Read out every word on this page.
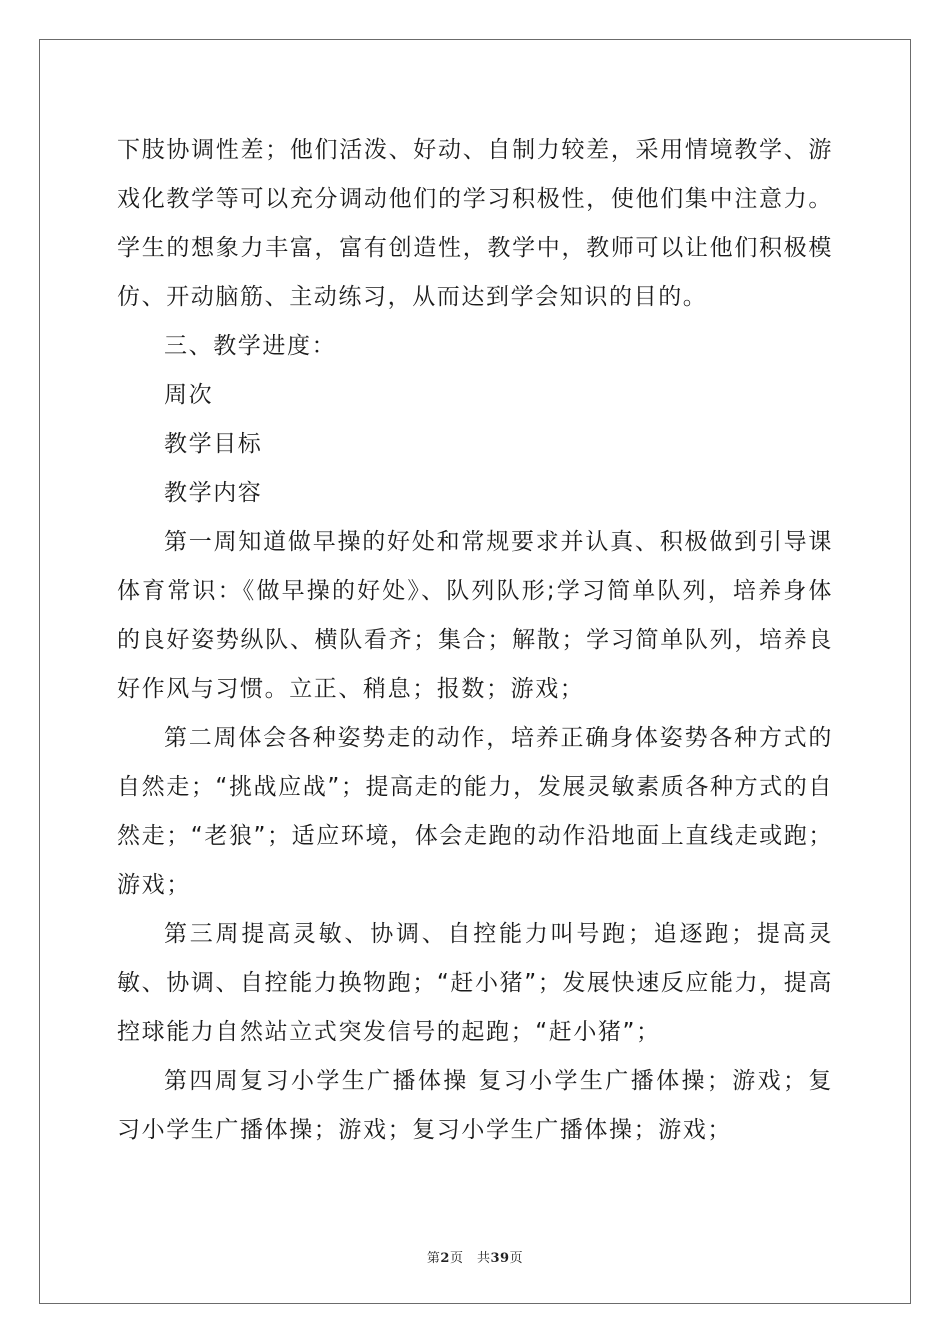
下肢协调性差；他们活泼、好动、自制力较差，采用情境教学、游戏化教学等可以充分调动他们的学习积极性，使他们集中注意力。学生的想象力丰富，富有创造性，教学中，教师可以让他们积极模仿、开动脑筋、主动练习，从而达到学会知识的目的。

三、教学进度：

周次

教学目标

教学内容

第一周知道做早操的好处和常规要求并认真、积极做到引导课体育常识：《做早操的好处》、队列队形;学习简单队列，培养身体的良好姿势纵队、横队看齐；集合；解散；学习简单队列，培养良好作风与习惯。立正、稍息；报数；游戏；

第二周体会各种姿势走的动作，培养正确身体姿势各种方式的自然走；“挑战应战”；提高走的能力，发展灵敏素质各种方式的自然走；“老狼”；适应环境，体会走跑的动作沿地面上直线走或跑；游戏；

第三周提高灵敏、协调、自控能力叫号跑；追逐跑；提高灵敏、协调、自控能力换物跑；“赶小猪”；发展快速反应能力，提高控球能力自然站立式突发信号的起跑；“赶小猪”；

第四周复习小学生广播体操 复习小学生广播体操；游戏；复习小学生广播体操；游戏；复习小学生广播体操；游戏；

第2页　共39页
